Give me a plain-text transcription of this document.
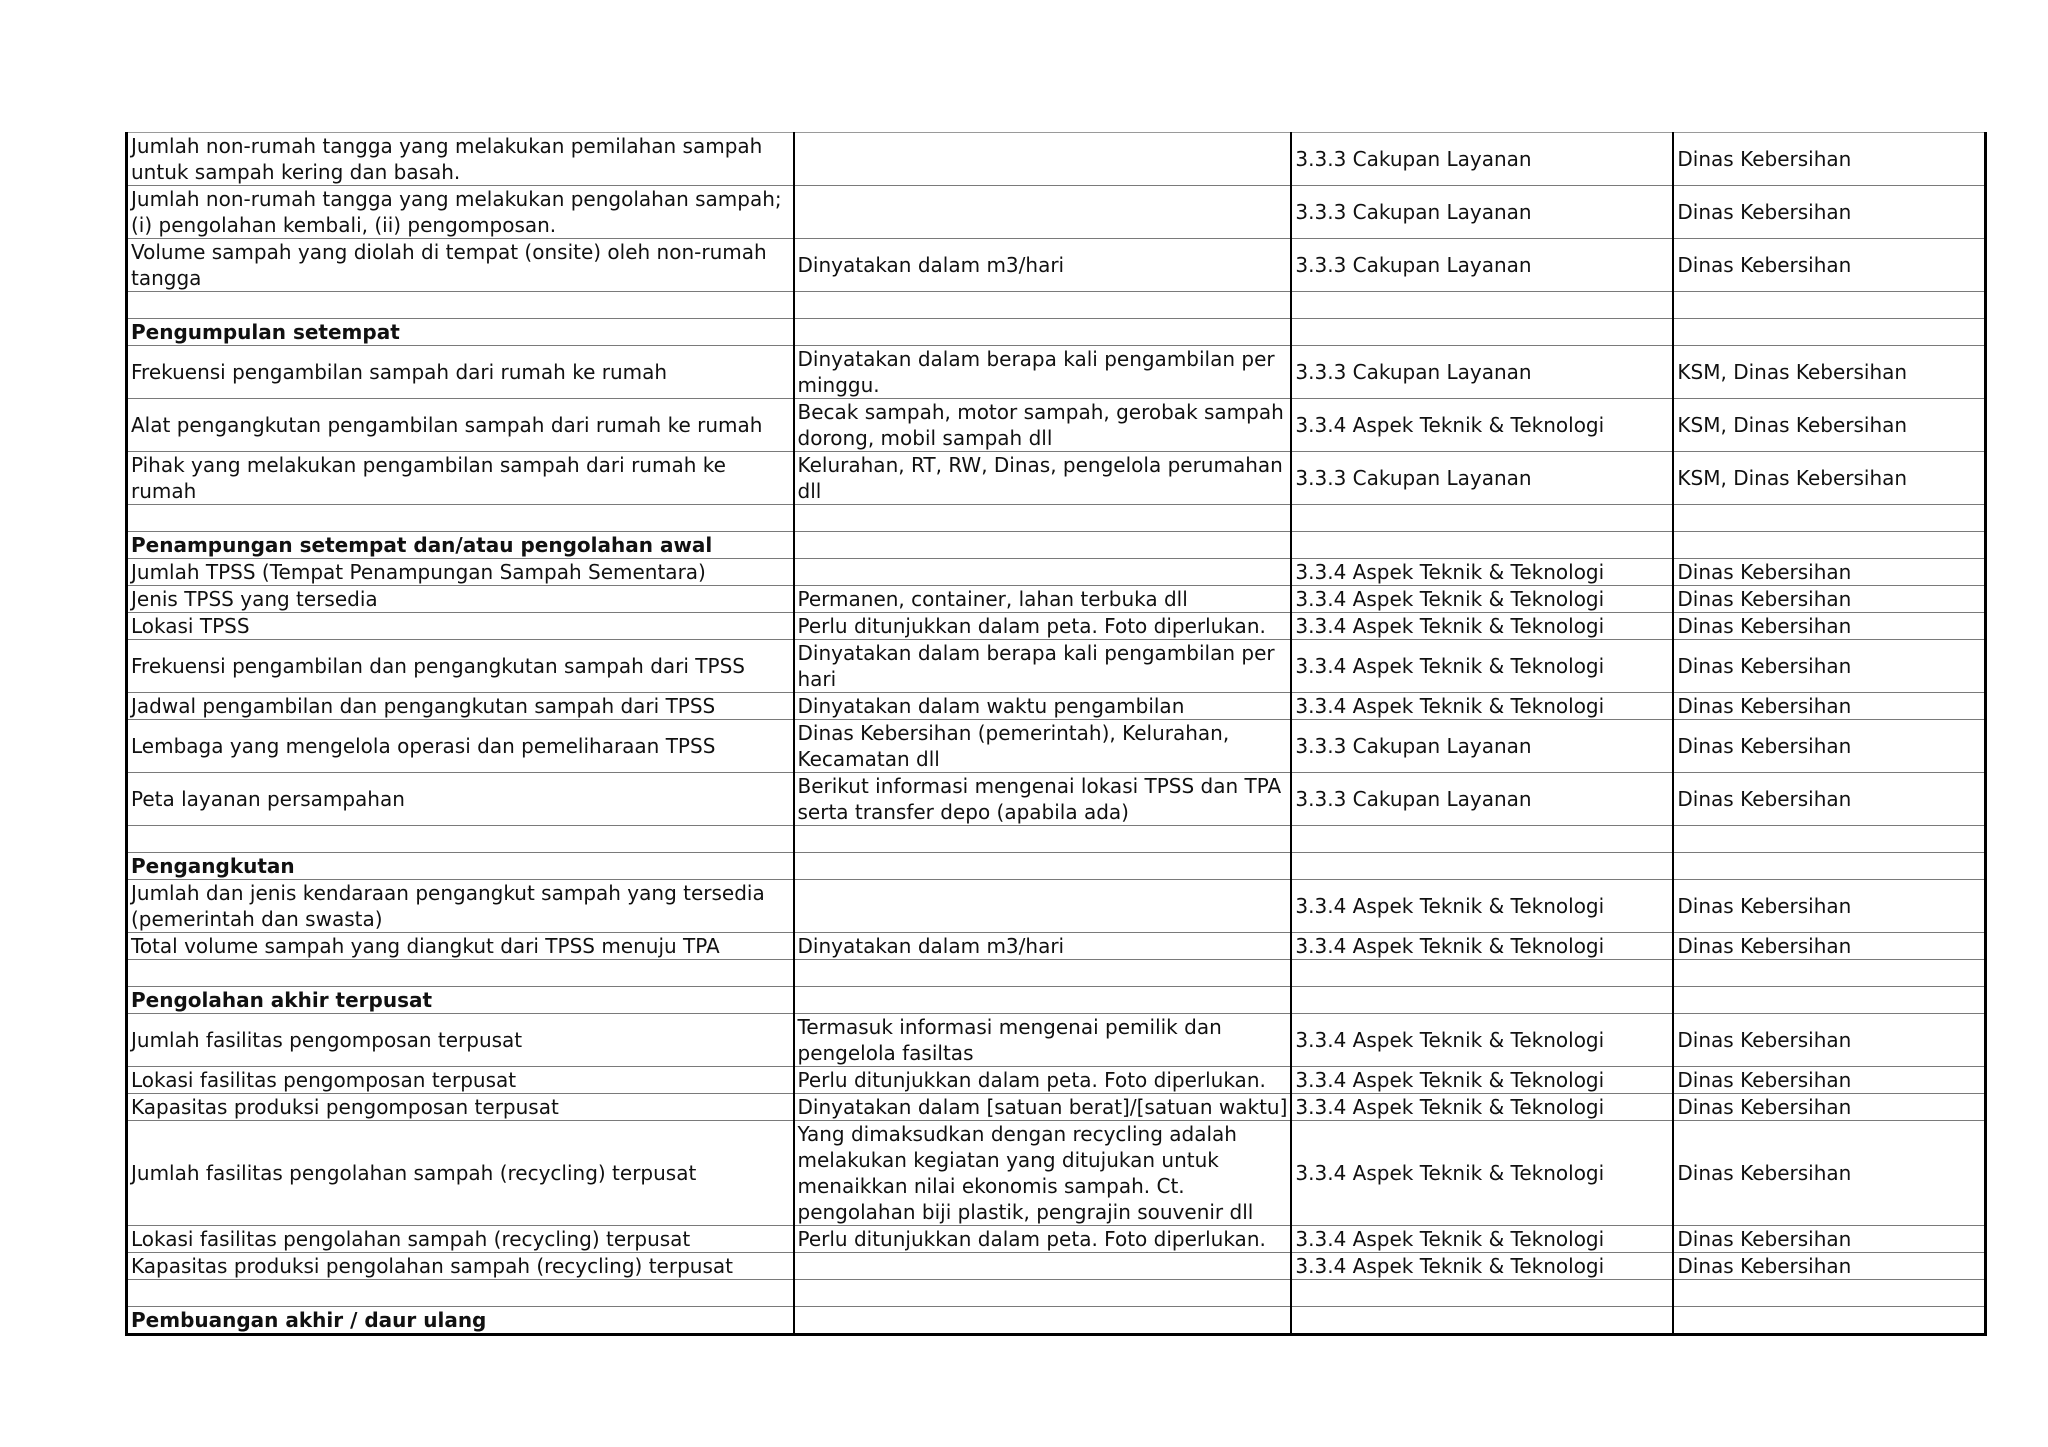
Jumlah non-rumah tangga yang melakukan pemilahan sampah untuk sampah kering dan basah.		3.3.3 Cakupan Layanan	Dinas Kebersihan
Jumlah non-rumah tangga yang melakukan pengolahan sampah; (i) pengolahan kembali, (ii) pengomposan.		3.3.3 Cakupan Layanan	Dinas Kebersihan
Volume sampah yang diolah di tempat (onsite) oleh non-rumah tangga	Dinyatakan dalam m3/hari	3.3.3 Cakupan Layanan	Dinas Kebersihan

Pengumpulan setempat			
Frekuensi pengambilan sampah dari rumah ke rumah	Dinyatakan dalam berapa kali pengambilan per minggu.	3.3.3 Cakupan Layanan	KSM, Dinas Kebersihan
Alat pengangkutan pengambilan sampah dari rumah ke rumah	Becak sampah, motor sampah, gerobak sampah dorong, mobil sampah dll	3.3.4 Aspek Teknik & Teknologi	KSM, Dinas Kebersihan
Pihak yang melakukan pengambilan sampah dari rumah ke rumah	Kelurahan, RT, RW, Dinas, pengelola perumahan dll	3.3.3 Cakupan Layanan	KSM, Dinas Kebersihan

Penampungan setempat dan/atau pengolahan awal			
Jumlah TPSS (Tempat Penampungan Sampah Sementara)		3.3.4 Aspek Teknik & Teknologi	Dinas Kebersihan
Jenis TPSS yang tersedia	Permanen, container, lahan terbuka dll	3.3.4 Aspek Teknik & Teknologi	Dinas Kebersihan
Lokasi TPSS	Perlu ditunjukkan dalam peta. Foto diperlukan.	3.3.4 Aspek Teknik & Teknologi	Dinas Kebersihan
Frekuensi pengambilan dan pengangkutan sampah dari TPSS	Dinyatakan dalam berapa kali pengambilan per hari	3.3.4 Aspek Teknik & Teknologi	Dinas Kebersihan
Jadwal pengambilan dan pengangkutan sampah dari TPSS	Dinyatakan dalam waktu pengambilan	3.3.4 Aspek Teknik & Teknologi	Dinas Kebersihan
Lembaga yang mengelola operasi dan pemeliharaan TPSS	Dinas Kebersihan (pemerintah), Kelurahan, Kecamatan dll	3.3.3 Cakupan Layanan	Dinas Kebersihan
Peta layanan persampahan	Berikut informasi mengenai lokasi TPSS dan TPA serta transfer depo (apabila ada)	3.3.3 Cakupan Layanan	Dinas Kebersihan

Pengangkutan			
Jumlah dan jenis kendaraan pengangkut sampah yang tersedia (pemerintah dan swasta)		3.3.4 Aspek Teknik & Teknologi	Dinas Kebersihan
Total volume sampah yang diangkut dari TPSS menuju TPA	Dinyatakan dalam m3/hari	3.3.4 Aspek Teknik & Teknologi	Dinas Kebersihan

Pengolahan akhir terpusat			
Jumlah fasilitas pengomposan terpusat	Termasuk informasi mengenai pemilik dan pengelola fasiltas	3.3.4 Aspek Teknik & Teknologi	Dinas Kebersihan
Lokasi fasilitas pengomposan terpusat	Perlu ditunjukkan dalam peta. Foto diperlukan.	3.3.4 Aspek Teknik & Teknologi	Dinas Kebersihan
Kapasitas produksi pengomposan terpusat	Dinyatakan dalam [satuan berat]/[satuan waktu]	3.3.4 Aspek Teknik & Teknologi	Dinas Kebersihan
Jumlah fasilitas pengolahan sampah (recycling) terpusat	Yang dimaksudkan dengan recycling adalah melakukan kegiatan yang ditujukan untuk menaikkan nilai ekonomis sampah. Ct. pengolahan biji plastik, pengrajin souvenir dll	3.3.4 Aspek Teknik & Teknologi	Dinas Kebersihan
Lokasi fasilitas pengolahan sampah (recycling) terpusat	Perlu ditunjukkan dalam peta. Foto diperlukan.	3.3.4 Aspek Teknik & Teknologi	Dinas Kebersihan
Kapasitas produksi pengolahan sampah (recycling) terpusat		3.3.4 Aspek Teknik & Teknologi	Dinas Kebersihan

Pembuangan akhir / daur ulang			
